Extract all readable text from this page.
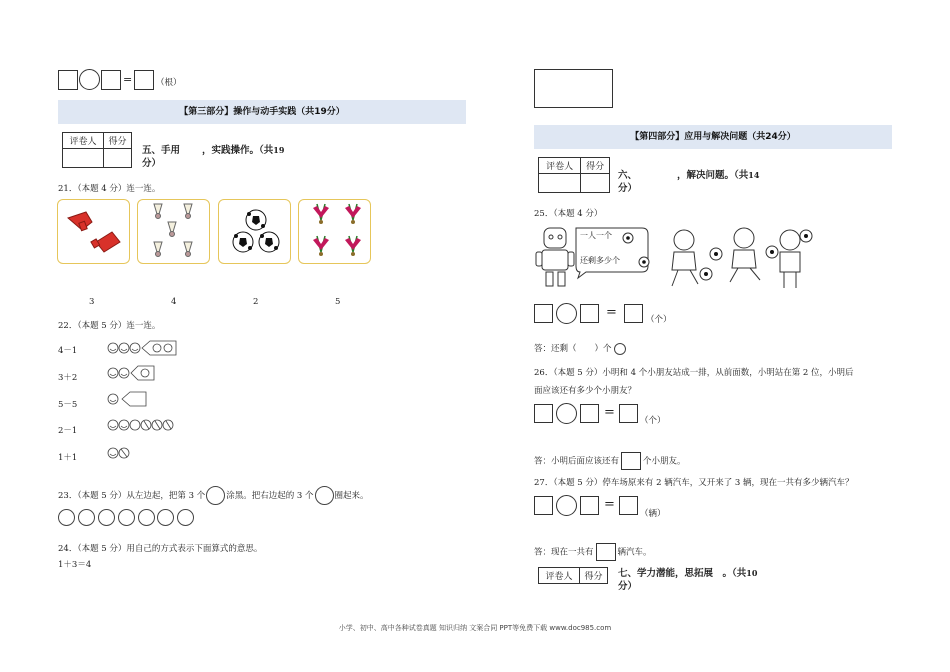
=	（根）
【第三部分】操作与动手实践（共19分）
评卷人	得分

五、手用 ，实践操作。（共$^{19}$
分）
21．（本题 4 分）连一连。
3	4	2	5
22．（本题 5 分）连一连。
4－1
3＋2
5－5
2－1
1＋1
23．（本题 5 分）从左边起，把第 3 个 涂黑。把右边起的 3 个 圈起来。

24．（本题 5 分）用自己的方式表示下面算式的意思。
1＋3＝4
【第四部分】应用与解决问题（共24分）
评卷人	得分

六、	，解决问题。（共$^{14}$
分）
25．（本题 4 分）
一人一个
还剩多少个
=	（个）
答：还剩（ ）个
26．（本题 5 分）小明和 4 个小朋友站成一排，从前面数，小明站在第 2 位，小明后
面应该还有多少个小朋友？
=
（个）
答：小明后面应该还有	个小朋友。
27．（本题 5 分）停车场原来有 2 辆汽车，又开来了 3 辆，现在一共有多少辆汽车？
=
（辆）
答：现在一共有	辆汽车。
评卷人	得分 七、学力潜能，思拓展　。（共$^{10}$
分）
小学、初中、高中各种试卷真题 知识归纳 文案合同 PPT等免费下载 www.doc985.com
